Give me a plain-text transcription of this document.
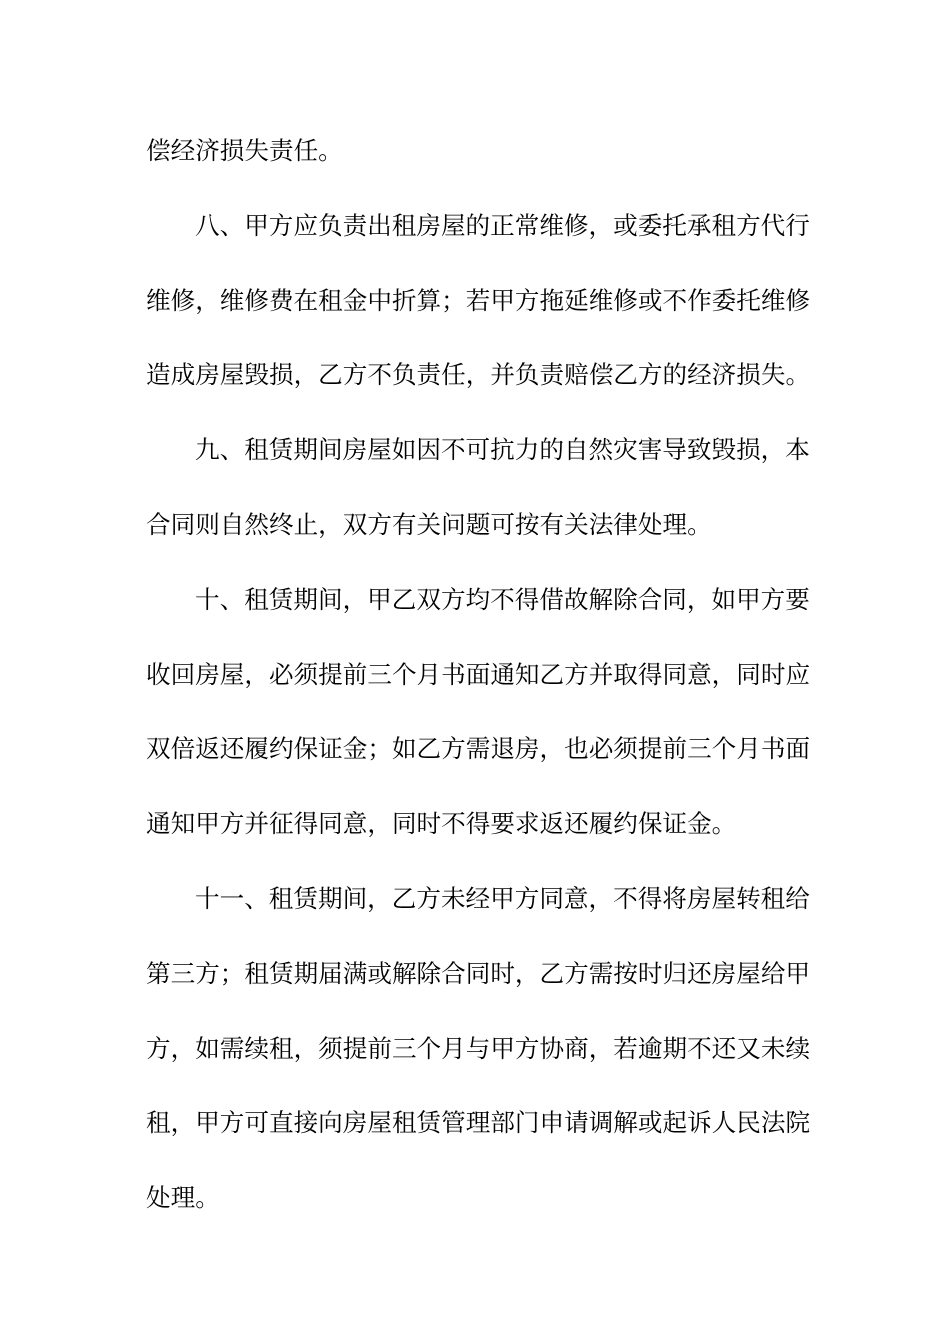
偿经济损失责任。
八、甲方应负责出租房屋的正常维修，或委托承租方代行
维修，维修费在租金中折算；若甲方拖延维修或不作委托维修
造成房屋毁损，乙方不负责任，并负责赔偿乙方的经济损失。
九、租赁期间房屋如因不可抗力的自然灾害导致毁损，本
合同则自然终止，双方有关问题可按有关法律处理。
十、租赁期间，甲乙双方均不得借故解除合同，如甲方要
收回房屋，必须提前三个月书面通知乙方并取得同意，同时应
双倍返还履约保证金；如乙方需退房，也必须提前三个月书面
通知甲方并征得同意，同时不得要求返还履约保证金。
十一、租赁期间，乙方未经甲方同意，不得将房屋转租给
第三方；租赁期届满或解除合同时，乙方需按时归还房屋给甲
方，如需续租，须提前三个月与甲方协商，若逾期不还又未续
租，甲方可直接向房屋租赁管理部门申请调解或起诉人民法院
处理。
